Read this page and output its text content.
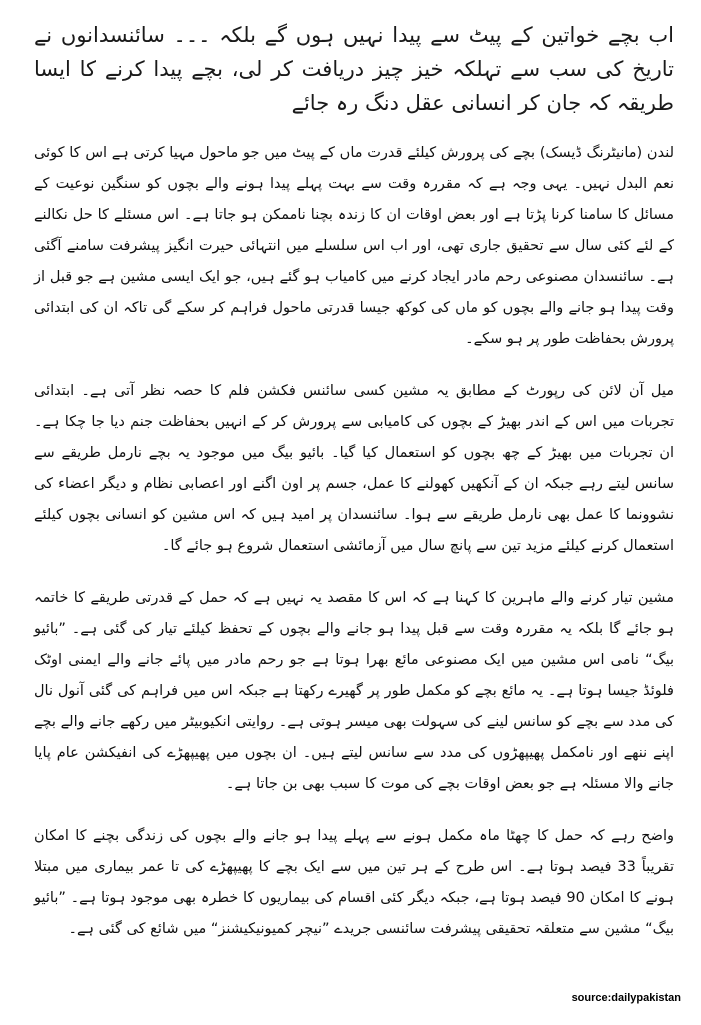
اب بچے خواتین کے پیٹ سے پیدا نہیں ہوں گے بلکہ ۔۔۔ سائنسدانوں نے تاریخ کی سب سے تہلکہ خیز چیز دریافت کر لی، بچے پیدا کرنے کا ایسا طریقہ کہ جان کر انسانی عقل دنگ رہ جائے

لندن (مانیٹرنگ ڈیسک) بچے کی پرورش کیلئے قدرت ماں کے پیٹ میں جو ماحول مہیا کرتی ہے اس کا کوئی نعم البدل نہیں۔ یہی وجہ ہے کہ مقررہ وقت سے بہت پہلے پیدا ہونے والے بچوں کو سنگین نوعیت کے مسائل کا سامنا کرنا پڑتا ہے اور بعض اوقات ان کا زندہ بچنا ناممکن ہو جاتا ہے۔ اس مسئلے کا حل نکالنے کے لئے کئی سال سے تحقیق جاری تھی، اور اب اس سلسلے میں انتہائی حیرت انگیز پیشرفت سامنے آگئی ہے۔ سائنسدان مصنوعی رحم مادر ایجاد کرنے میں کامیاب ہو گئے ہیں، جو ایک ایسی مشین ہے جو قبل از وقت پیدا ہو جانے والے بچوں کو ماں کی کوکھ جیسا قدرتی ماحول فراہم کر سکے گی تاکہ ان کی ابتدائی پرورش بحفاظت طور پر ہو سکے۔

میل آن لائن کی رپورٹ کے مطابق یہ مشین کسی سائنس فکشن فلم کا حصہ نظر آتی ہے۔ ابتدائی تجربات میں اس کے اندر بھیڑ کے بچوں کی کامیابی سے پرورش کر کے انہیں بحفاظت جنم دیا جا چکا ہے۔ ان تجربات میں بھیڑ کے چھ بچوں کو استعمال کیا گیا۔ بائیو بیگ میں موجود یہ بچے نارمل طریقے سے سانس لیتے رہے جبکہ ان کے آنکھیں کھولنے کا عمل، جسم پر اون اگنے اور اعصابی نظام و دیگر اعضاء کی نشوونما کا عمل بھی نارمل طریقے سے ہوا۔ سائنسدان پر امید ہیں کہ اس مشین کو انسانی بچوں کیلئے استعمال کرنے کیلئے مزید تین سے پانچ سال میں آزمائشی استعمال شروع ہو جائے گا۔

مشین تیار کرنے والے ماہرین کا کہنا ہے کہ اس کا مقصد یہ نہیں ہے کہ حمل کے قدرتی طریقے کا خاتمہ ہو جائے گا بلکہ یہ مقررہ وقت سے قبل پیدا ہو جانے والے بچوں کے تحفظ کیلئے تیار کی گئی ہے۔ ”بائیو بیگ“ نامی اس مشین میں ایک مصنوعی مائع بھرا ہوتا ہے جو رحم مادر میں پائے جانے والے ایمنی اوٹک فلوئڈ جیسا ہوتا ہے۔ یہ مائع بچے کو مکمل طور پر گھیرے رکھتا ہے جبکہ اس میں فراہم کی گئی آنول نال کی مدد سے بچے کو سانس لینے کی سہولت بھی میسر ہوتی ہے۔ روایتی انکیوبیٹر میں رکھے جانے والے بچے اپنے ننھے اور نامکمل پھیپھڑوں کی مدد سے سانس لیتے ہیں۔ ان بچوں میں پھیپھڑے کی انفیکشن عام پایا جانے والا مسئلہ ہے جو بعض اوقات بچے کی موت کا سبب بھی بن جاتا ہے۔

واضح رہے کہ حمل کا چھٹا ماہ مکمل ہونے سے پہلے پیدا ہو جانے والے بچوں کی زندگی بچنے کا امکان تقریباً 33 فیصد ہوتا ہے۔ اس طرح کے ہر تین میں سے ایک بچے کا پھیپھڑے کی تا عمر بیماری میں مبتلا ہونے کا امکان 90 فیصد ہوتا ہے، جبکہ دیگر کئی اقسام کی بیماریوں کا خطرہ بھی موجود ہوتا ہے۔ ”بائیو بیگ“ مشین سے متعلقہ تحقیقی پیشرفت سائنسی جریدے ”نیچر کمیونیکیشنز“ میں شائع کی گئی ہے۔

source:dailypakistan
